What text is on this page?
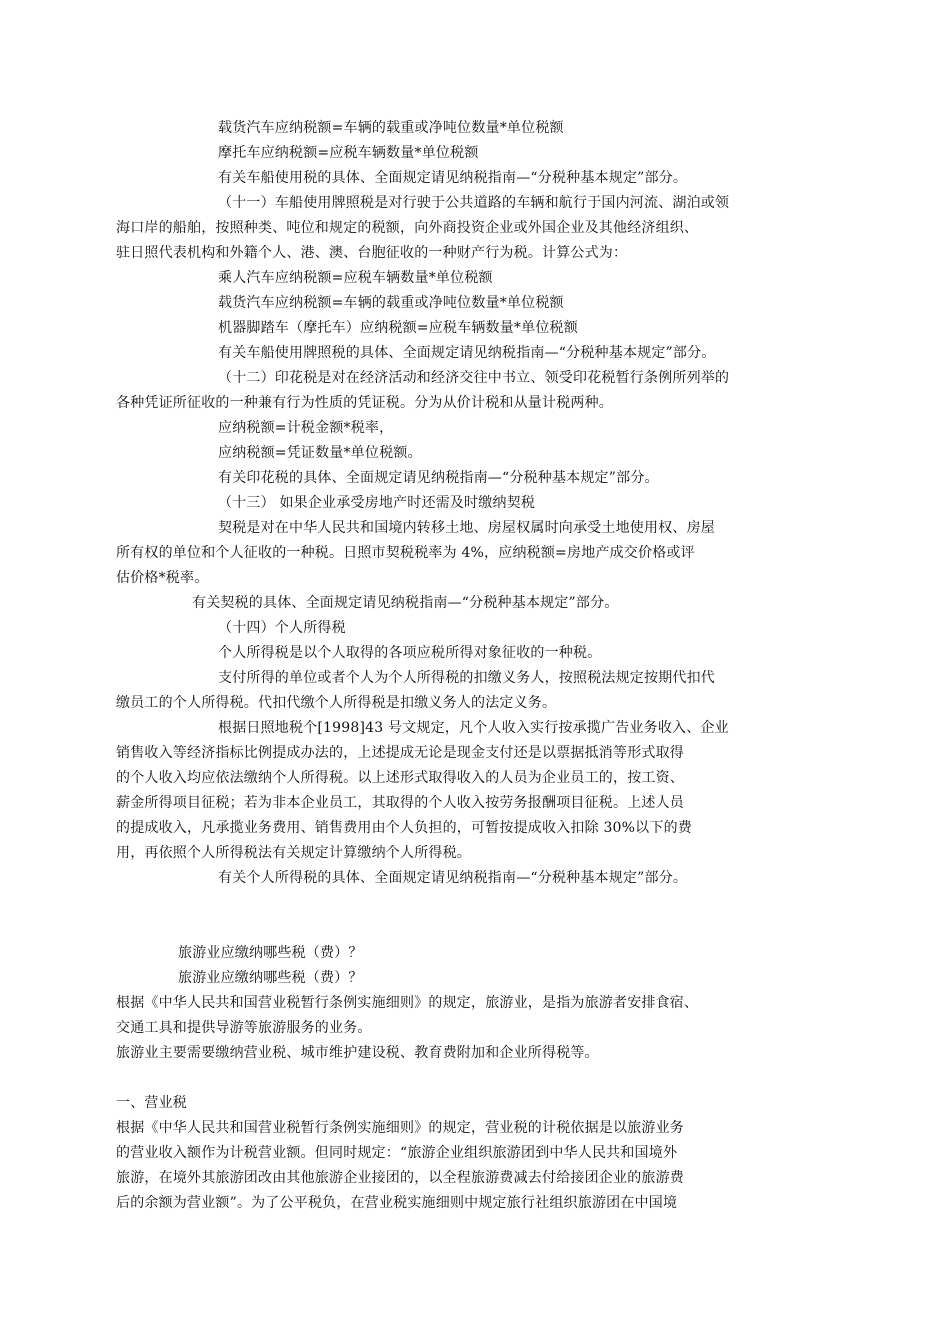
载货汽车应纳税额=车辆的载重或净吨位数量*单位税额

摩托车应纳税额=应税车辆数量*单位税额

有关车船使用税的具体、全面规定请见纳税指南—“分税种基本规定”部分。

（十一）车船使用牌照税是对行驶于公共道路的车辆和航行于国内河流、湖泊或领

海口岸的船舶，按照种类、吨位和规定的税额，向外商投资企业或外国企业及其他经济组织、

驻日照代表机构和外籍个人、港、澳、台胞征收的一种财产行为税。计算公式为：

乘人汽车应纳税额=应税车辆数量*单位税额

载货汽车应纳税额=车辆的载重或净吨位数量*单位税额

机器脚踏车（摩托车）应纳税额=应税车辆数量*单位税额

有关车船使用牌照税的具体、全面规定请见纳税指南—“分税种基本规定”部分。

（十二）印花税是对在经济活动和经济交往中书立、领受印花税暂行条例所列举的

各种凭证所征收的一种兼有行为性质的凭证税。分为从价计税和从量计税两种。

应纳税额=计税金额*税率，

应纳税额=凭证数量*单位税额。

有关印花税的具体、全面规定请见纳税指南—“分税种基本规定”部分。

（十三） 如果企业承受房地产时还需及时缴纳契税

契税是对在中华人民共和国境内转移土地、房屋权属时向承受土地使用权、房屋

所有权的单位和个人征收的一种税。日照市契税税率为 4%，应纳税额=房地产成交价格或评

估价格*税率。

有关契税的具体、全面规定请见纳税指南—“分税种基本规定”部分。

（十四）个人所得税

个人所得税是以个人取得的各项应税所得对象征收的一种税。

支付所得的单位或者个人为个人所得税的扣缴义务人，按照税法规定按期代扣代

缴员工的个人所得税。代扣代缴个人所得税是扣缴义务人的法定义务。

根据日照地税个[1998]43 号文规定，凡个人收入实行按承揽广告业务收入、企业

销售收入等经济指标比例提成办法的，上述提成无论是现金支付还是以票据抵消等形式取得

的个人收入均应依法缴纳个人所得税。以上述形式取得收入的人员为企业员工的，按工资、

薪金所得项目征税；若为非本企业员工，其取得的个人收入按劳务报酬项目征税。上述人员

的提成收入，凡承揽业务费用、销售费用由个人负担的，可暂按提成收入扣除 30%以下的费

用，再依照个人所得税法有关规定计算缴纳个人所得税。

有关个人所得税的具体、全面规定请见纳税指南—“分税种基本规定”部分。

旅游业应缴纳哪些税（费）？

旅游业应缴纳哪些税（费）？

根据《中华人民共和国营业税暂行条例实施细则》的规定，旅游业，是指为旅游者安排食宿、

交通工具和提供导游等旅游服务的业务。

旅游业主要需要缴纳营业税、城市维护建设税、教育费附加和企业所得税等。

一、营业税

根据《中华人民共和国营业税暂行条例实施细则》的规定，营业税的计税依据是以旅游业务

的营业收入额作为计税营业额。但同时规定：“旅游企业组织旅游团到中华人民共和国境外

旅游，在境外其旅游团改由其他旅游企业接团的，以全程旅游费减去付给接团企业的旅游费

后的余额为营业额”。为了公平税负，在营业税实施细则中规定旅行社组织旅游团在中国境
